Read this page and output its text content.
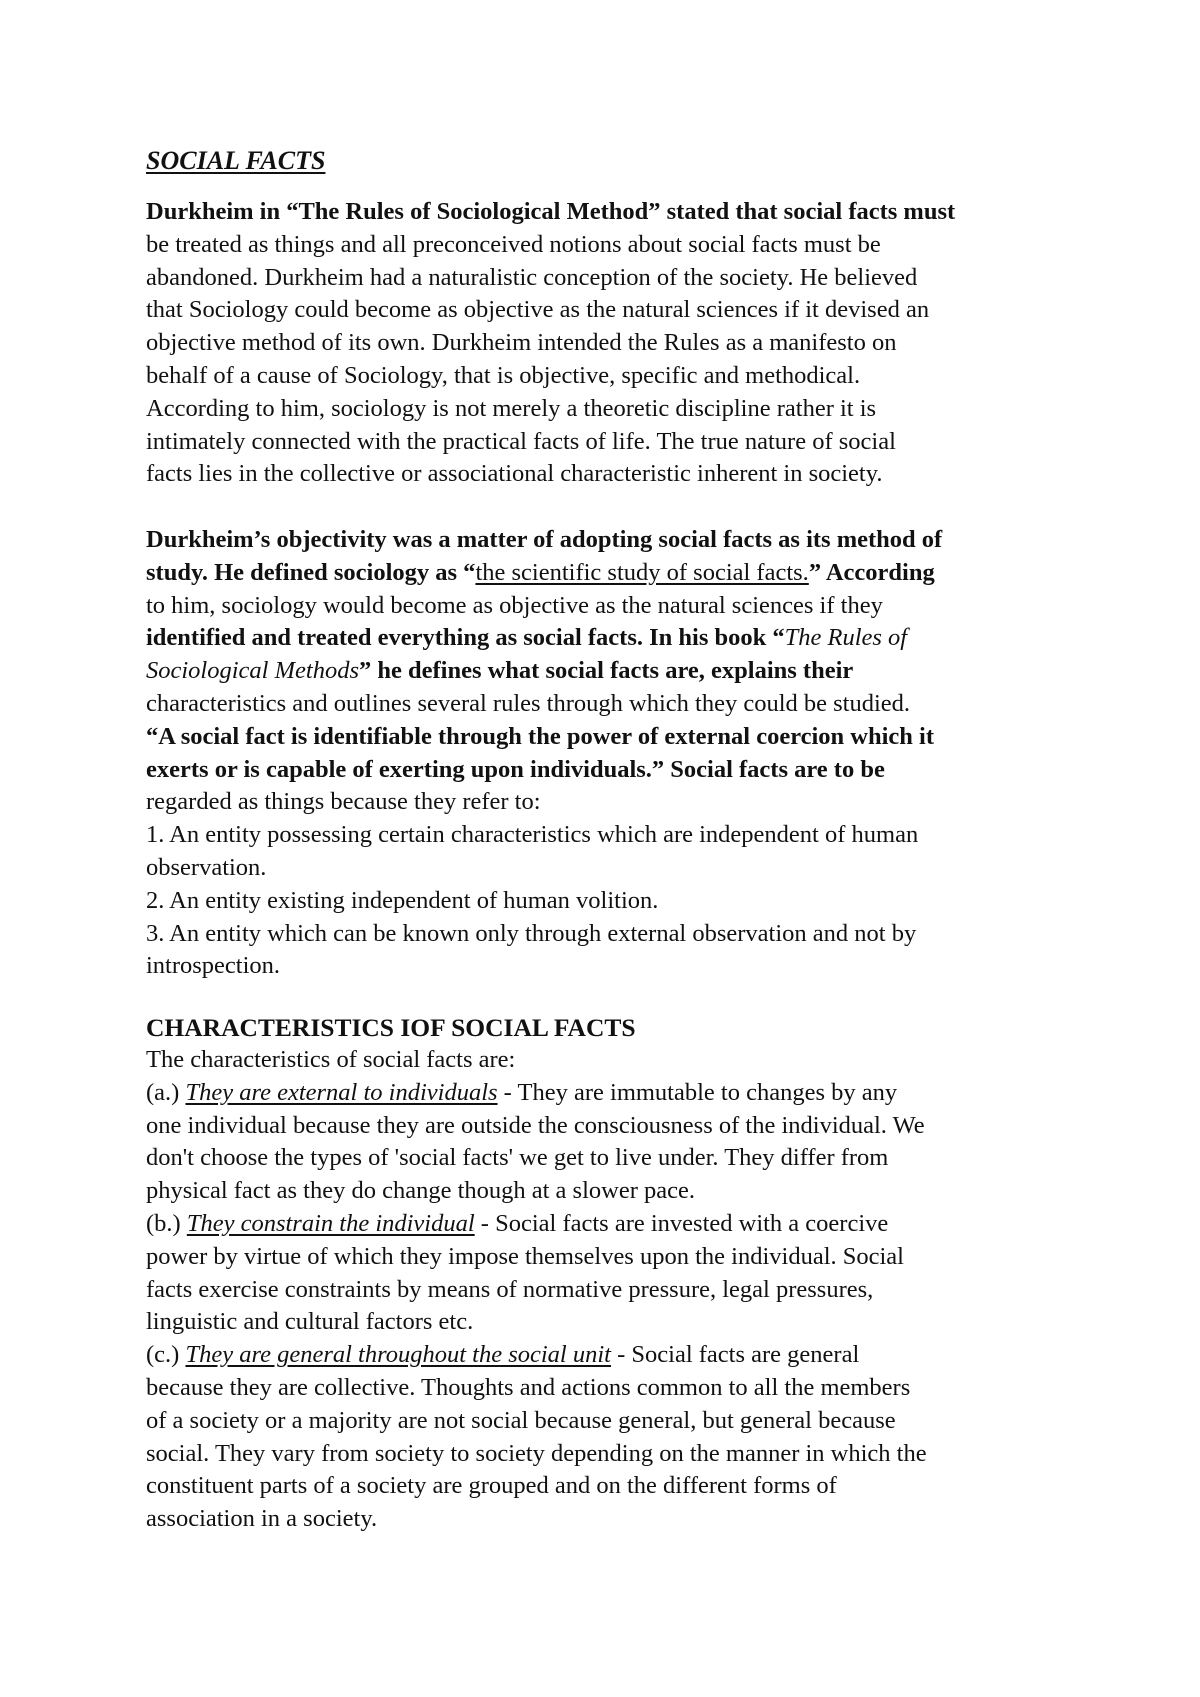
SOCIAL FACTS
Durkheim in “The Rules of Sociological Method” stated that social facts must
be treated as things and all preconceived notions about social facts must be
abandoned. Durkheim had a naturalistic conception of the society. He believed
that Sociology could become as objective as the natural sciences if it devised an
objective method of its own. Durkheim intended the Rules as a manifesto on
behalf of a cause of Sociology, that is objective, specific and methodical.
According to him, sociology is not merely a theoretic discipline rather it is
intimately connected with the practical facts of life. The true nature of social
facts lies in the collective or associational characteristic inherent in society.
Durkheim’s objectivity was a matter of adopting social facts as its method of
study. He defined sociology as “the scientific study of social facts.” According
to him, sociology would become as objective as the natural sciences if they
identified and treated everything as social facts. In his book “The Rules of
Sociological Methods” he defines what social facts are, explains their
characteristics and outlines several rules through which they could be studied.
“A social fact is identifiable through the power of external coercion which it
exerts or is capable of exerting upon individuals.” Social facts are to be
regarded as things because they refer to:
1. An entity possessing certain characteristics which are independent of human
observation.
2. An entity existing independent of human volition.
3. An entity which can be known only through external observation and not by
introspection.
CHARACTERISTICS IOF SOCIAL FACTS
The characteristics of social facts are:
(a.) They are external to individuals - They are immutable to changes by any
one individual because they are outside the consciousness of the individual. We
don't choose the types of 'social facts' we get to live under. They differ from
physical fact as they do change though at a slower pace.
(b.) They constrain the individual - Social facts are invested with a coercive
power by virtue of which they impose themselves upon the individual. Social
facts exercise constraints by means of normative pressure, legal pressures,
linguistic and cultural factors etc.
(c.) They are general throughout the social unit - Social facts are general
because they are collective. Thoughts and actions common to all the members
of a society or a majority are not social because general, but general because
social. They vary from society to society depending on the manner in which the
constituent parts of a society are grouped and on the different forms of
association in a society.
